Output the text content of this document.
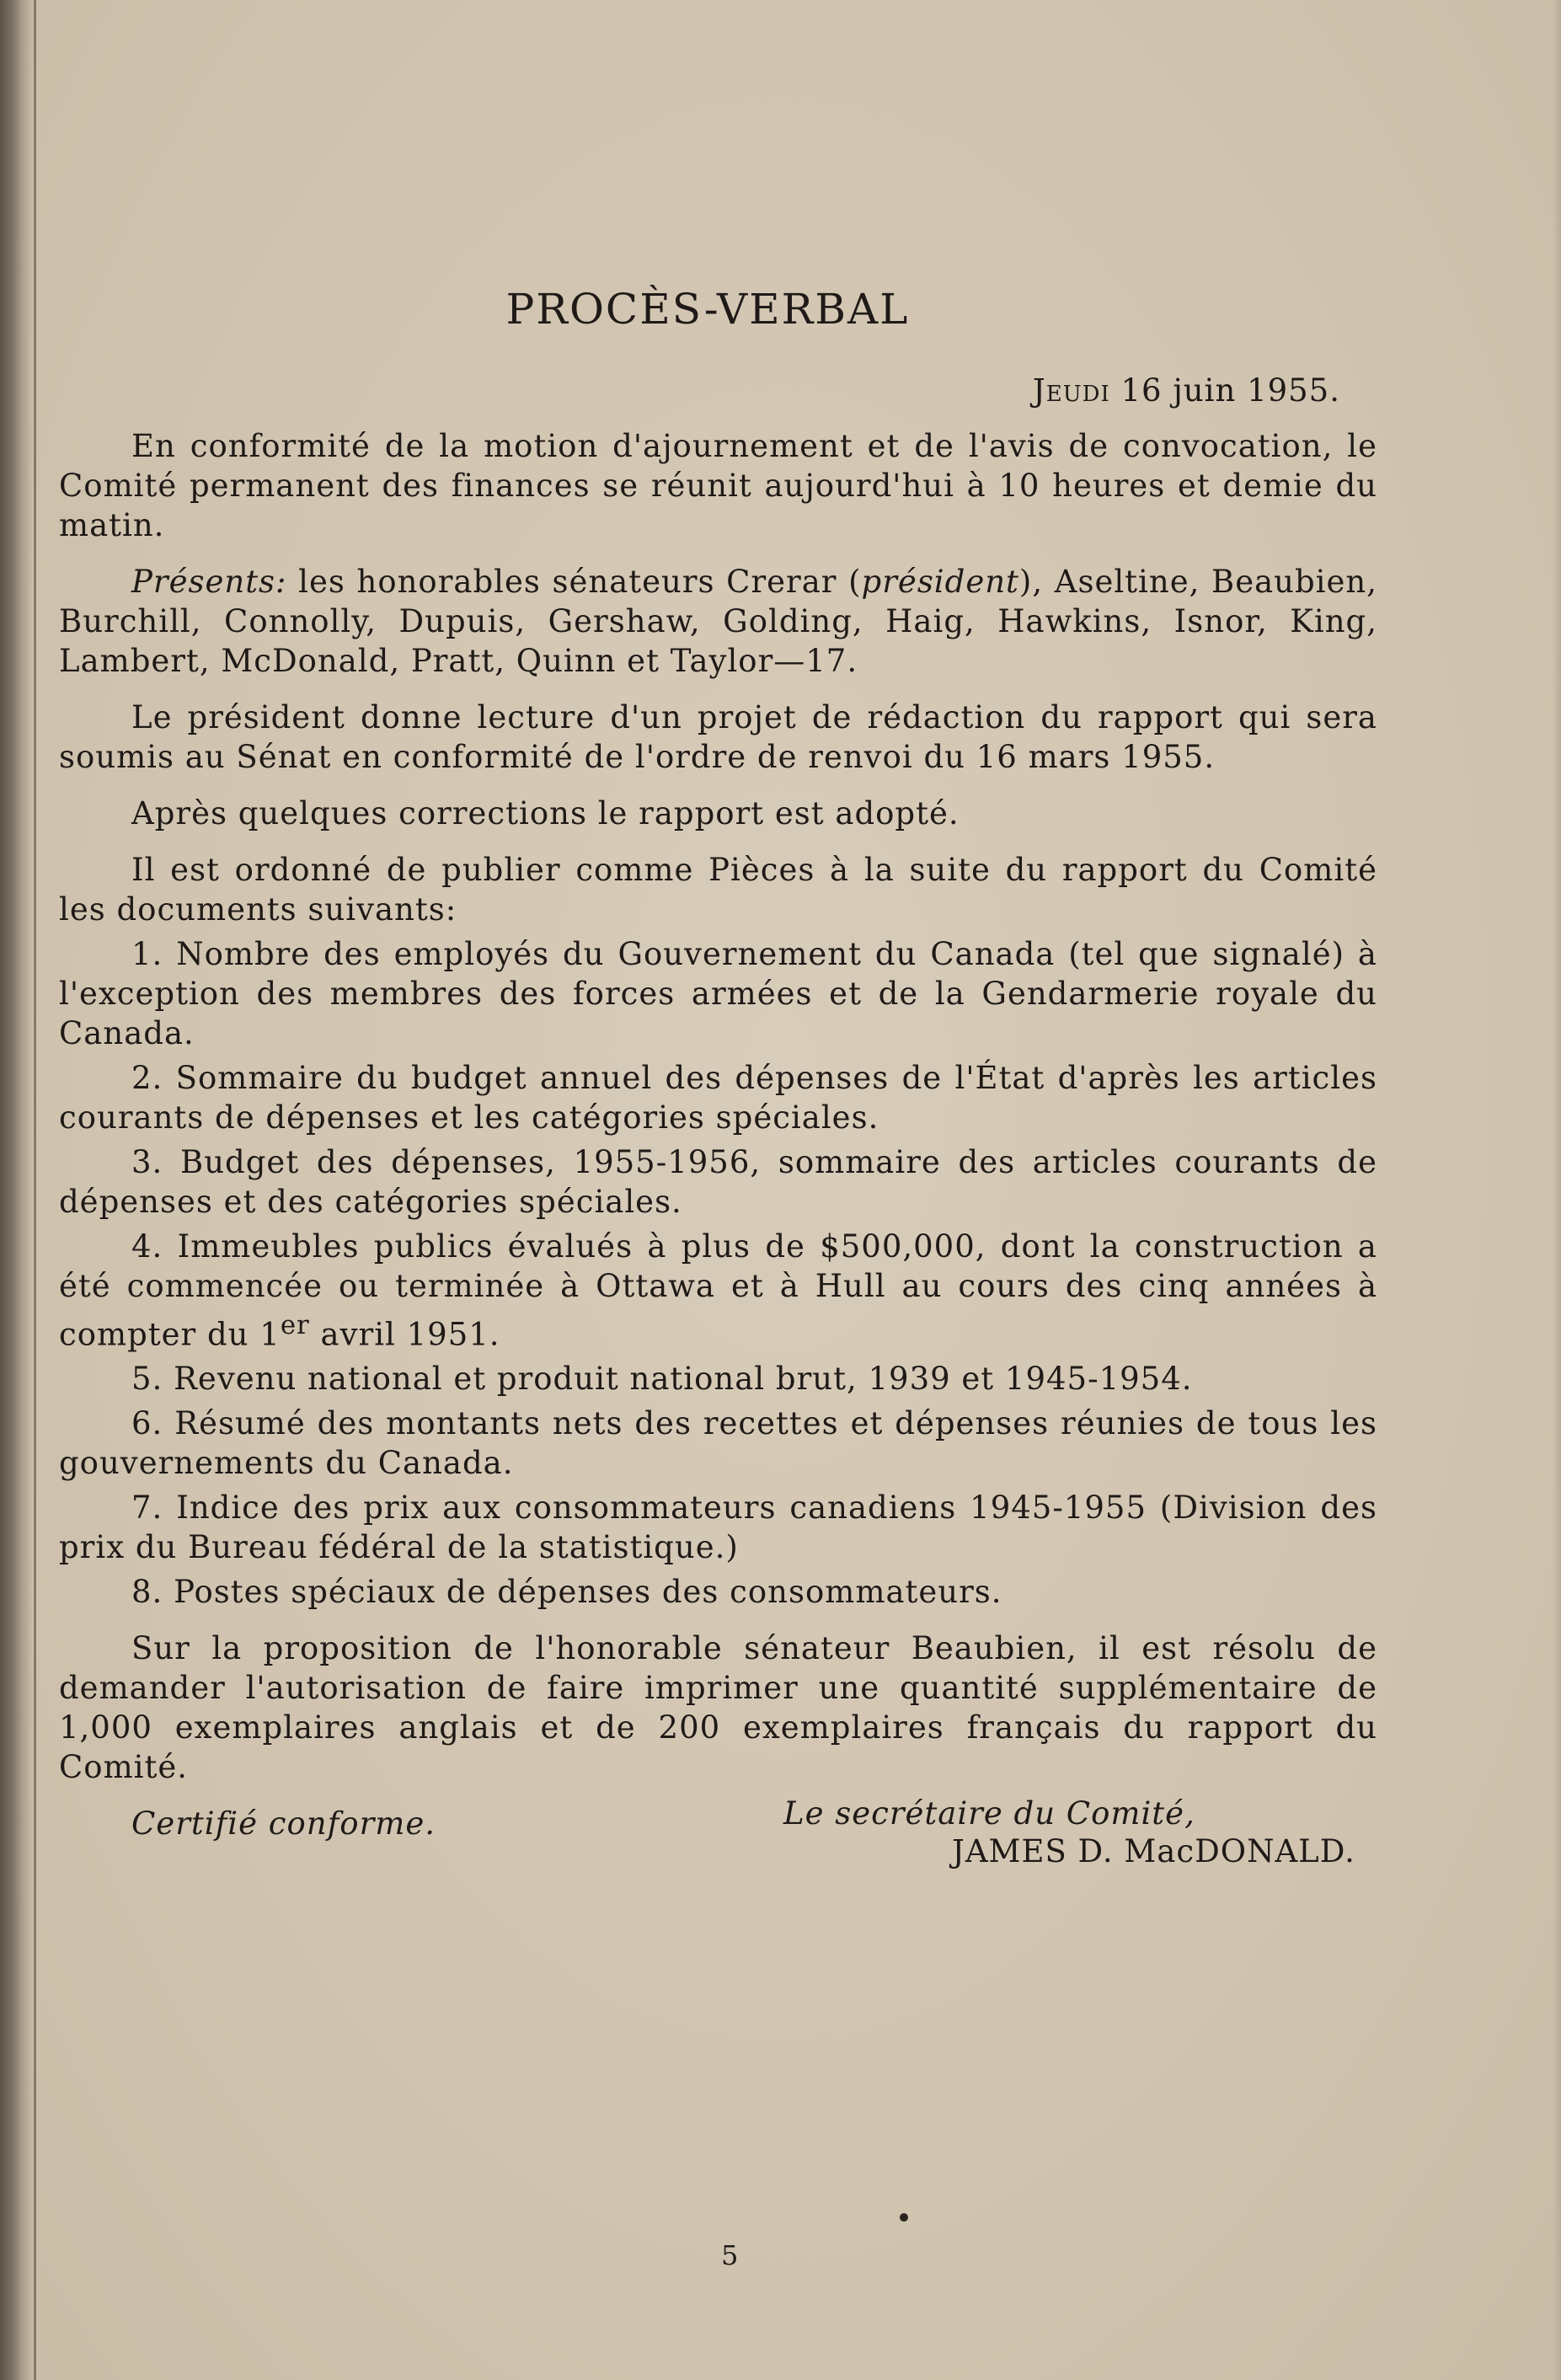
PROCÈS-VERBAL
Jeudi 16 juin 1955.

En conformité de la motion d'ajournement et de l'avis de convocation, le Comité permanent des finances se réunit aujourd'hui à 10 heures et demie du matin.

Présents: les honorables sénateurs Crerar (président), Aseltine, Beaubien, Burchill, Connolly, Dupuis, Gershaw, Golding, Haig, Hawkins, Isnor, King, Lambert, McDonald, Pratt, Quinn et Taylor—17.

Le président donne lecture d'un projet de rédaction du rapport qui sera soumis au Sénat en conformité de l'ordre de renvoi du 16 mars 1955.

Après quelques corrections le rapport est adopté.

Il est ordonné de publier comme Pièces à la suite du rapport du Comité les documents suivants:

1. Nombre des employés du Gouvernement du Canada (tel que signalé) à l'exception des membres des forces armées et de la Gendarmerie royale du Canada.

2. Sommaire du budget annuel des dépenses de l'État d'après les articles courants de dépenses et les catégories spéciales.

3. Budget des dépenses, 1955-1956, sommaire des articles courants de dépenses et des catégories spéciales.

4. Immeubles publics évalués à plus de $500,000, dont la construction a été commencée ou terminée à Ottawa et à Hull au cours des cinq années à compter du 1er avril 1951.

5. Revenu national et produit national brut, 1939 et 1945-1954.

6. Résumé des montants nets des recettes et dépenses réunies de tous les gouvernements du Canada.

7. Indice des prix aux consommateurs canadiens 1945-1955 (Division des prix du Bureau fédéral de la statistique.)

8. Postes spéciaux de dépenses des consommateurs.

Sur la proposition de l'honorable sénateur Beaubien, il est résolu de demander l'autorisation de faire imprimer une quantité supplémentaire de 1,000 exemplaires anglais et de 200 exemplaires français du rapport du Comité.

Certifié conforme.	Le secrétaire du Comité,
JAMES D. MacDONALD.
5
